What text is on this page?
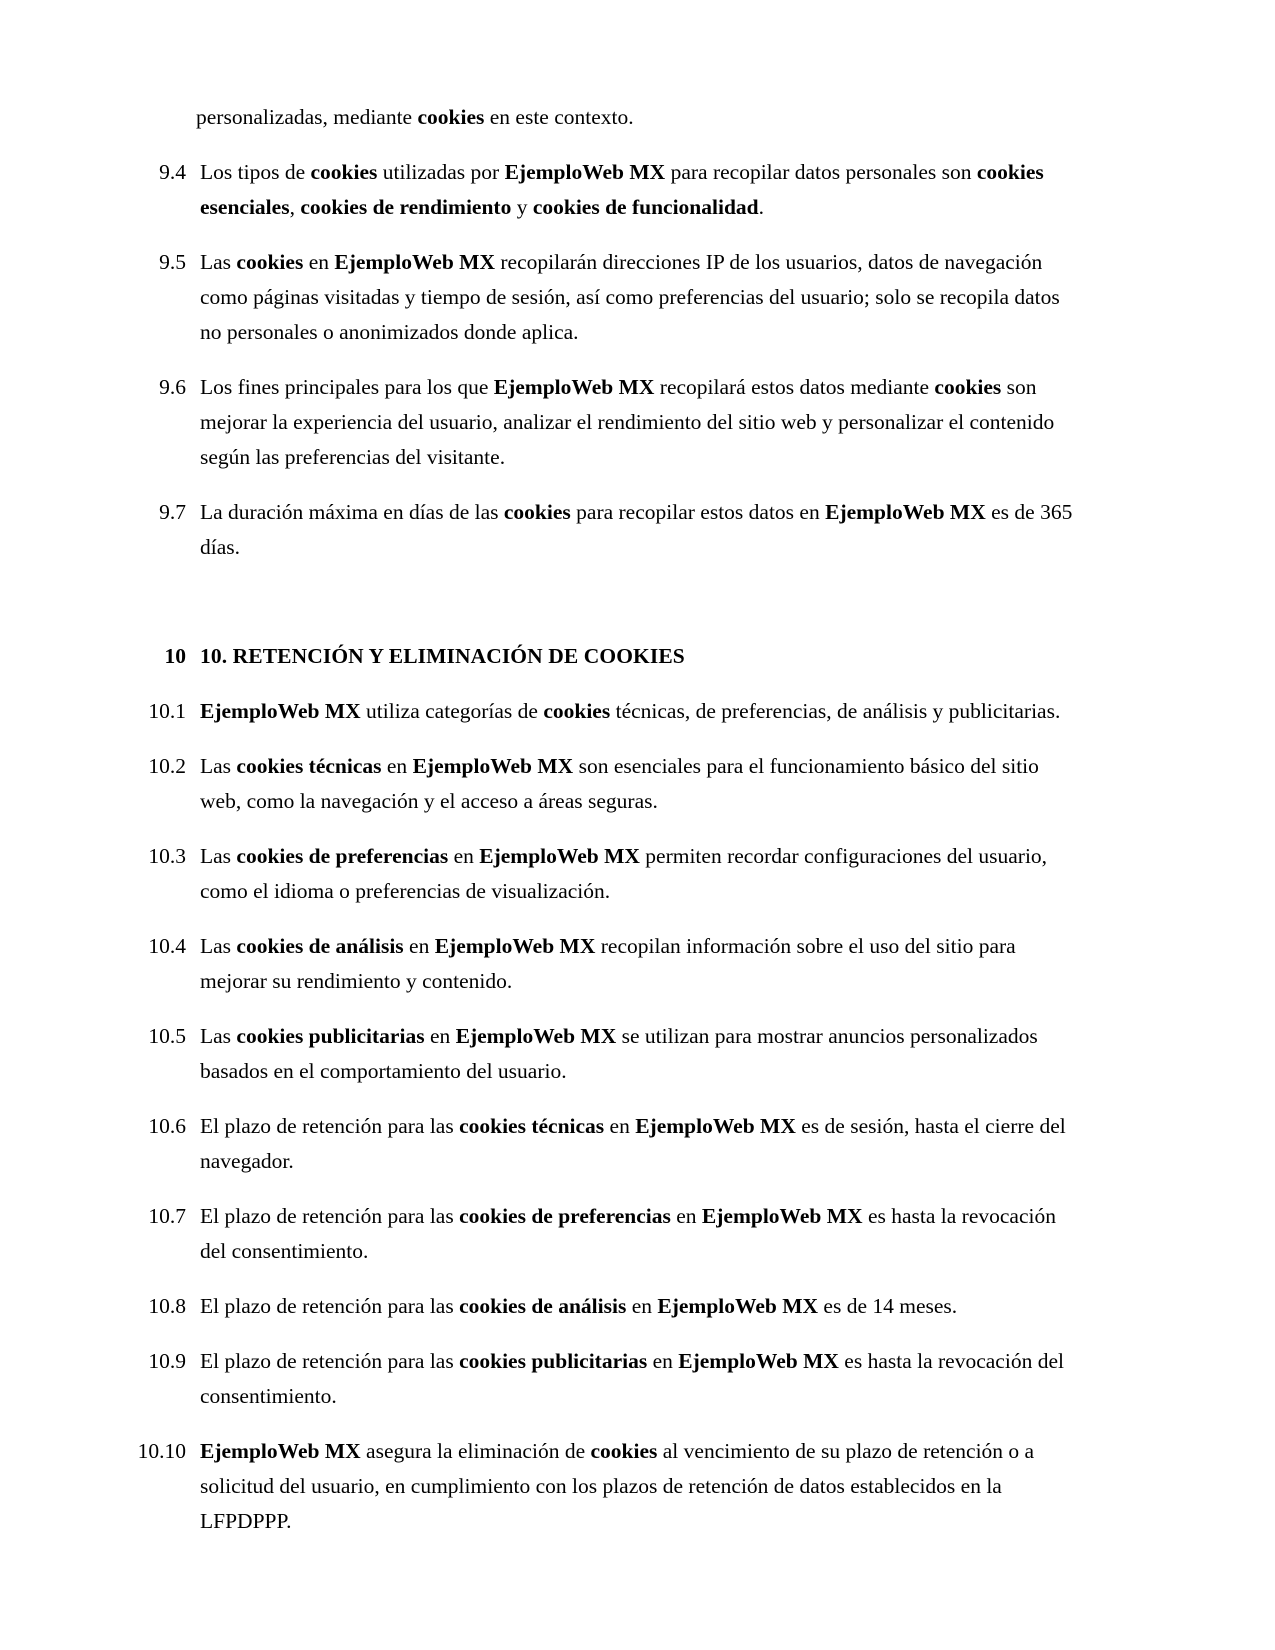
personalizadas, mediante cookies en este contexto.

9.4 Los tipos de cookies utilizadas por EjemploWeb MX para recopilar datos personales son cookies esenciales, cookies de rendimiento y cookies de funcionalidad.
9.5 Las cookies en EjemploWeb MX recopilarán direcciones IP de los usuarios, datos de navegación como páginas visitadas y tiempo de sesión, así como preferencias del usuario; solo se recopila datos no personales o anonimizados donde aplica.
9.6 Los fines principales para los que EjemploWeb MX recopilará estos datos mediante cookies son mejorar la experiencia del usuario, analizar el rendimiento del sitio web y personalizar el contenido según las preferencias del visitante.
9.7 La duración máxima en días de las cookies para recopilar estos datos en EjemploWeb MX es de 365 días.
10 10. RETENCIÓN Y ELIMINACIÓN DE COOKIES
10.1 EjemploWeb MX utiliza categorías de cookies técnicas, de preferencias, de análisis y publicitarias.
10.2 Las cookies técnicas en EjemploWeb MX son esenciales para el funcionamiento básico del sitio web, como la navegación y el acceso a áreas seguras.
10.3 Las cookies de preferencias en EjemploWeb MX permiten recordar configuraciones del usuario, como el idioma o preferencias de visualización.
10.4 Las cookies de análisis en EjemploWeb MX recopilan información sobre el uso del sitio para mejorar su rendimiento y contenido.
10.5 Las cookies publicitarias en EjemploWeb MX se utilizan para mostrar anuncios personalizados basados en el comportamiento del usuario.
10.6 El plazo de retención para las cookies técnicas en EjemploWeb MX es de sesión, hasta el cierre del navegador.
10.7 El plazo de retención para las cookies de preferencias en EjemploWeb MX es hasta la revocación del consentimiento.
10.8 El plazo de retención para las cookies de análisis en EjemploWeb MX es de 14 meses.
10.9 El plazo de retención para las cookies publicitarias en EjemploWeb MX es hasta la revocación del consentimiento.
10.10 EjemploWeb MX asegura la eliminación de cookies al vencimiento de su plazo de retención o a solicitud del usuario, en cumplimiento con los plazos de retención de datos establecidos en la LFPDPPP.
